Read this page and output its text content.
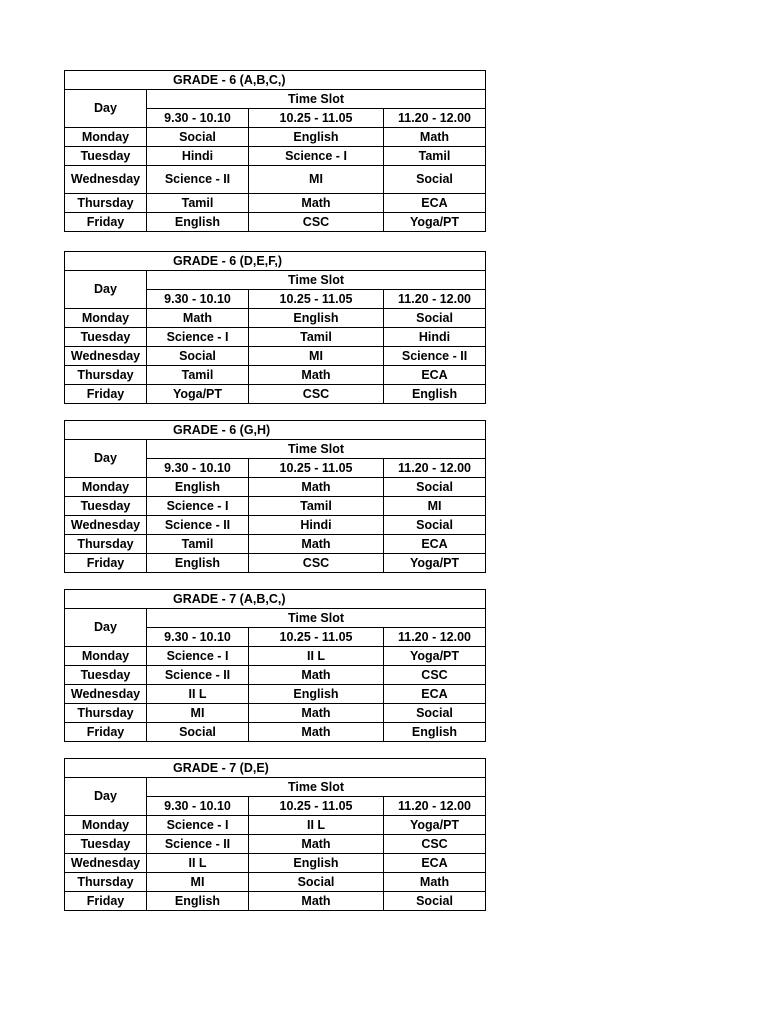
GRADE - 6 (A,B,C,)			
Day	Time Slot		
	9.30 - 10.10	10.25 - 11.05	11.20 - 12.00
Monday	Social	English	Math
Tuesday	Hindi	Science - I	Tamil
Wednesday	Science - II	MI	Social
Thursday	Tamil	Math	ECA
Friday	English	CSC	Yoga/PT
GRADE - 6 (D,E,F,)			
Day	Time Slot		
	9.30 - 10.10	10.25 - 11.05	11.20 - 12.00
Monday	Math	English	Social
Tuesday	Science - I	Tamil	Hindi
Wednesday	Social	MI	Science - II
Thursday	Tamil	Math	ECA
Friday	Yoga/PT	CSC	English
GRADE - 6 (G,H)			
Day	Time Slot		
	9.30 - 10.10	10.25 - 11.05	11.20 - 12.00
Monday	English	Math	Social
Tuesday	Science - I	Tamil	MI
Wednesday	Science - II	Hindi	Social
Thursday	Tamil	Math	ECA
Friday	English	CSC	Yoga/PT
GRADE - 7 (A,B,C,)			
Day	Time Slot		
	9.30 - 10.10	10.25 - 11.05	11.20 - 12.00
Monday	Science - I	II L	Yoga/PT
Tuesday	Science - II	Math	CSC
Wednesday	II L	English	ECA
Thursday	MI	Math	Social
Friday	Social	Math	English
GRADE - 7 (D,E)			
Day	Time Slot		
	9.30 - 10.10	10.25 - 11.05	11.20 - 12.00
Monday	Science - I	II L	Yoga/PT
Tuesday	Science - II	Math	CSC
Wednesday	II L	English	ECA
Thursday	MI	Social	Math
Friday	English	Math	Social
